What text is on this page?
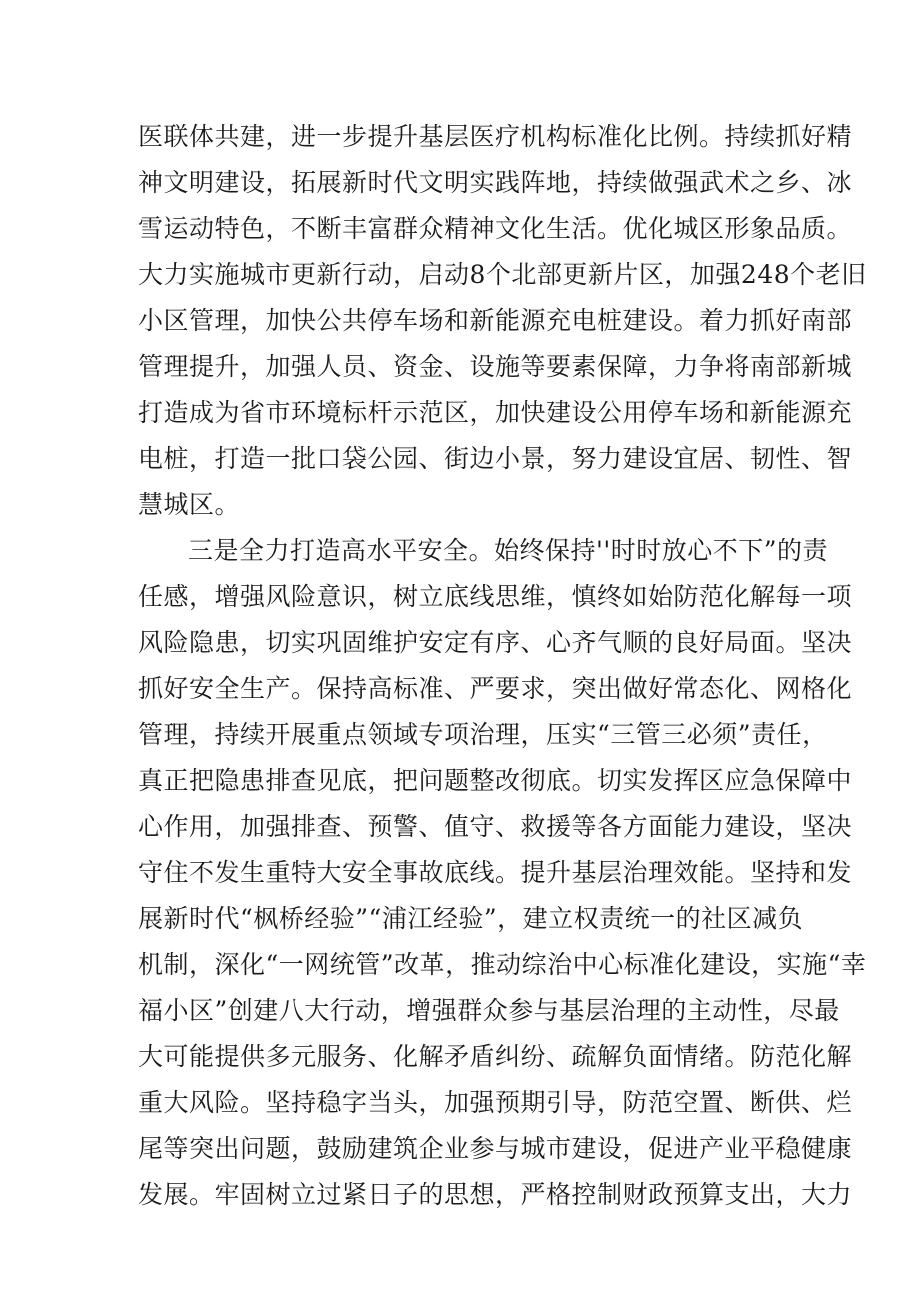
医联体共建，进一步提升基层医疗机构标准化比例。持续抓好精
神文明建设，拓展新时代文明实践阵地，持续做强武术之乡、冰
雪运动特色，不断丰富群众精神文化生活。优化城区形象品质。
大力实施城市更新行动，启动8个北部更新片区，加强248个老旧
小区管理，加快公共停车场和新能源充电桩建设。着力抓好南部
管理提升，加强人员、资金、设施等要素保障，力争将南部新城
打造成为省市环境标杆示范区，加快建设公用停车场和新能源充
电桩，打造一批口袋公园、街边小景，努力建设宜居、韧性、智
慧城区。
三是全力打造高水平安全。始终保持''时时放心不下”的责
任感，增强风险意识，树立底线思维，慎终如始防范化解每一项
风险隐患，切实巩固维护安定有序、心齐气顺的良好局面。坚决
抓好安全生产。保持高标准、严要求，突出做好常态化、网格化
管理，持续开展重点领域专项治理，压实“三管三必须”责任，
真正把隐患排查见底，把问题整改彻底。切实发挥区应急保障中
心作用，加强排查、预警、值守、救援等各方面能力建设，坚决
守住不发生重特大安全事故底线。提升基层治理效能。坚持和发
展新时代“枫桥经验”“浦江经验”，建立权责统一的社区减负
机制，深化“一网统管”改革，推动综治中心标准化建设，实施“幸
福小区”创建八大行动，增强群众参与基层治理的主动性，尽最
大可能提供多元服务、化解矛盾纠纷、疏解负面情绪。防范化解
重大风险。坚持稳字当头，加强预期引导，防范空置、断供、烂
尾等突出问题，鼓励建筑企业参与城市建设，促进产业平稳健康
发展。牢固树立过紧日子的思想，严格控制财政预算支出，大力
